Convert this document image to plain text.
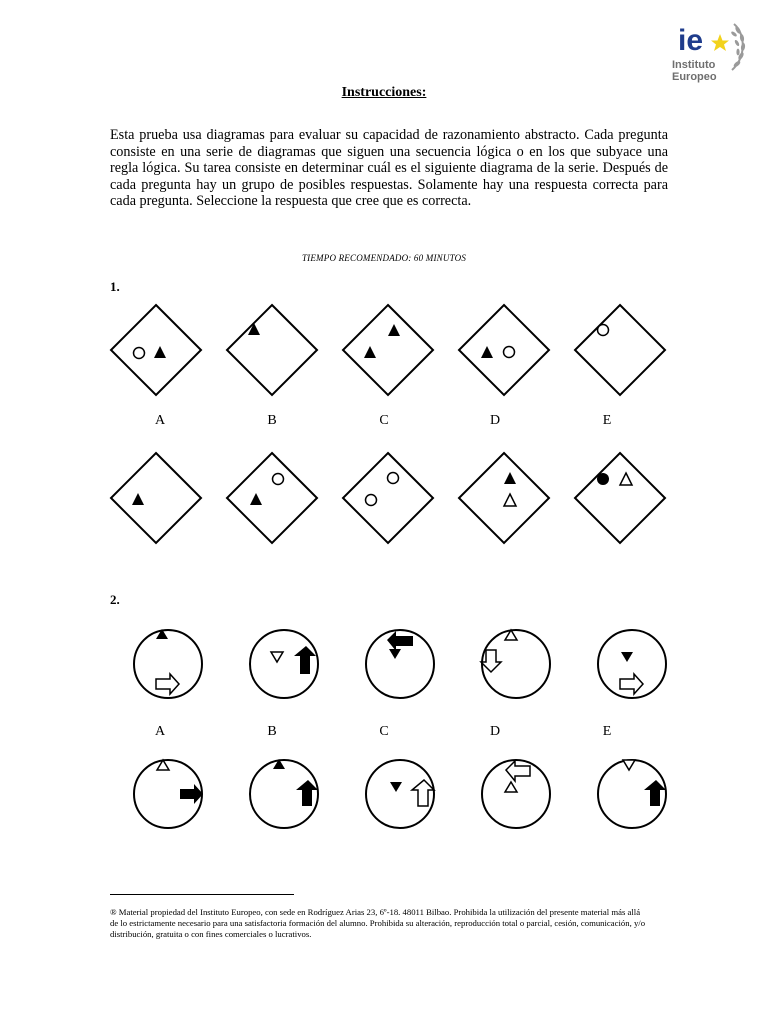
ie
Instituto
Europeo
Instrucciones:
Esta prueba usa diagramas para evaluar su capacidad de razonamiento abstracto. Cada pregunta consiste en una serie de diagramas que siguen una secuencia lógica o en los que subyace una regla lógica. Su tarea consiste en determinar cuál es el siguiente diagrama de la serie. Después de cada pregunta hay un grupo de posibles respuestas. Solamente hay una respuesta correcta para cada pregunta. Seleccione la respuesta que cree que es correcta.
TIEMPO RECOMENDADO: 60 MINUTOS
1.
A	B	C	D	E
2.
A	B	C	D	E
® Material propiedad del Instituto Europeo, con sede en Rodríguez Arias 23, 6º-18. 48011 Bilbao. Prohibida la utilización del presente material más allá de lo estrictamente necesario para una satisfactoria formación del alumno. Prohibida su alteración, reproducción total o parcial, cesión, comunicación, y/o distribución, gratuita o con fines comerciales o lucrativos.
